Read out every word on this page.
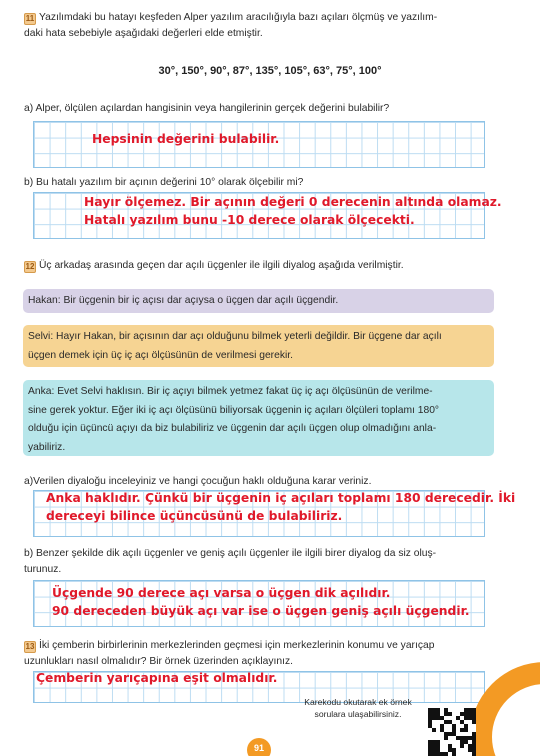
11 Yazılımdaki bu hatayı keşfeden Alper yazılım aracılığıyla bazı açıları ölçmüş ve yazılım-
daki hata sebebiyle aşağıdaki değerleri elde etmiştir.
30°, 150°, 90°, 87°, 135°, 105°, 63°, 75°, 100°
a) Alper, ölçülen açılardan hangisinin veya hangilerinin gerçek değerini bulabilir?
Hepsinin değerini bulabilir.
b) Bu hatalı yazılım bir açının değerini 10° olarak ölçebilir mi?
Hayır ölçemez. Bir açının değeri 0 derecenin altında olamaz.
Hatalı yazılım bunu -10 derece olarak ölçecekti.
12 Üç arkadaş arasında geçen dar açılı üçgenler ile ilgili diyalog aşağıda verilmiştir.
Hakan: Bir üçgenin bir iç açısı dar açıysa o üçgen dar açılı üçgendir.
Selvi: Hayır Hakan, bir açısının dar açı olduğunu bilmek yeterli değildir. Bir üçgene dar açılı
üçgen demek için üç iç açı ölçüsünün de verilmesi gerekir.
Anka: Evet Selvi haklısın. Bir iç açıyı bilmek yetmez fakat üç iç açı ölçüsünün de verilme-
sine gerek yoktur. Eğer iki iç açı ölçüsünü biliyorsak üçgenin iç açıları ölçüleri toplamı 180°
olduğu için üçüncü açıyı da biz bulabiliriz ve üçgenin dar açılı üçgen olup olmadığını anla-
yabiliriz.
a)Verilen diyaloğu inceleyiniz ve hangi çocuğun haklı olduğuna karar veriniz.
Anka haklıdır. Çünkü bir üçgenin iç açıları toplamı 180 derecedir. İki
dereceyi bilince üçüncüsünü de bulabiliriz.
b) Benzer şekilde dik açılı üçgenler ve geniş açılı üçgenler ile ilgili birer diyalog da siz oluş-
turunuz.
Üçgende 90 derece açı varsa o üçgen dik açılıdır.
90 dereceden büyük açı var ise o üçgen geniş açılı üçgendir.
13 İki çemberin birbirlerinin merkezlerinden geçmesi için merkezlerinin konumu ve yarıçap
uzunlukları nasıl olmalıdır? Bir örnek üzerinden açıklayınız.
Çemberin yarıçapına eşit olmalıdır.
Karekodu okutarak ek örnek
sorulara ulaşabilirsiniz.
91
